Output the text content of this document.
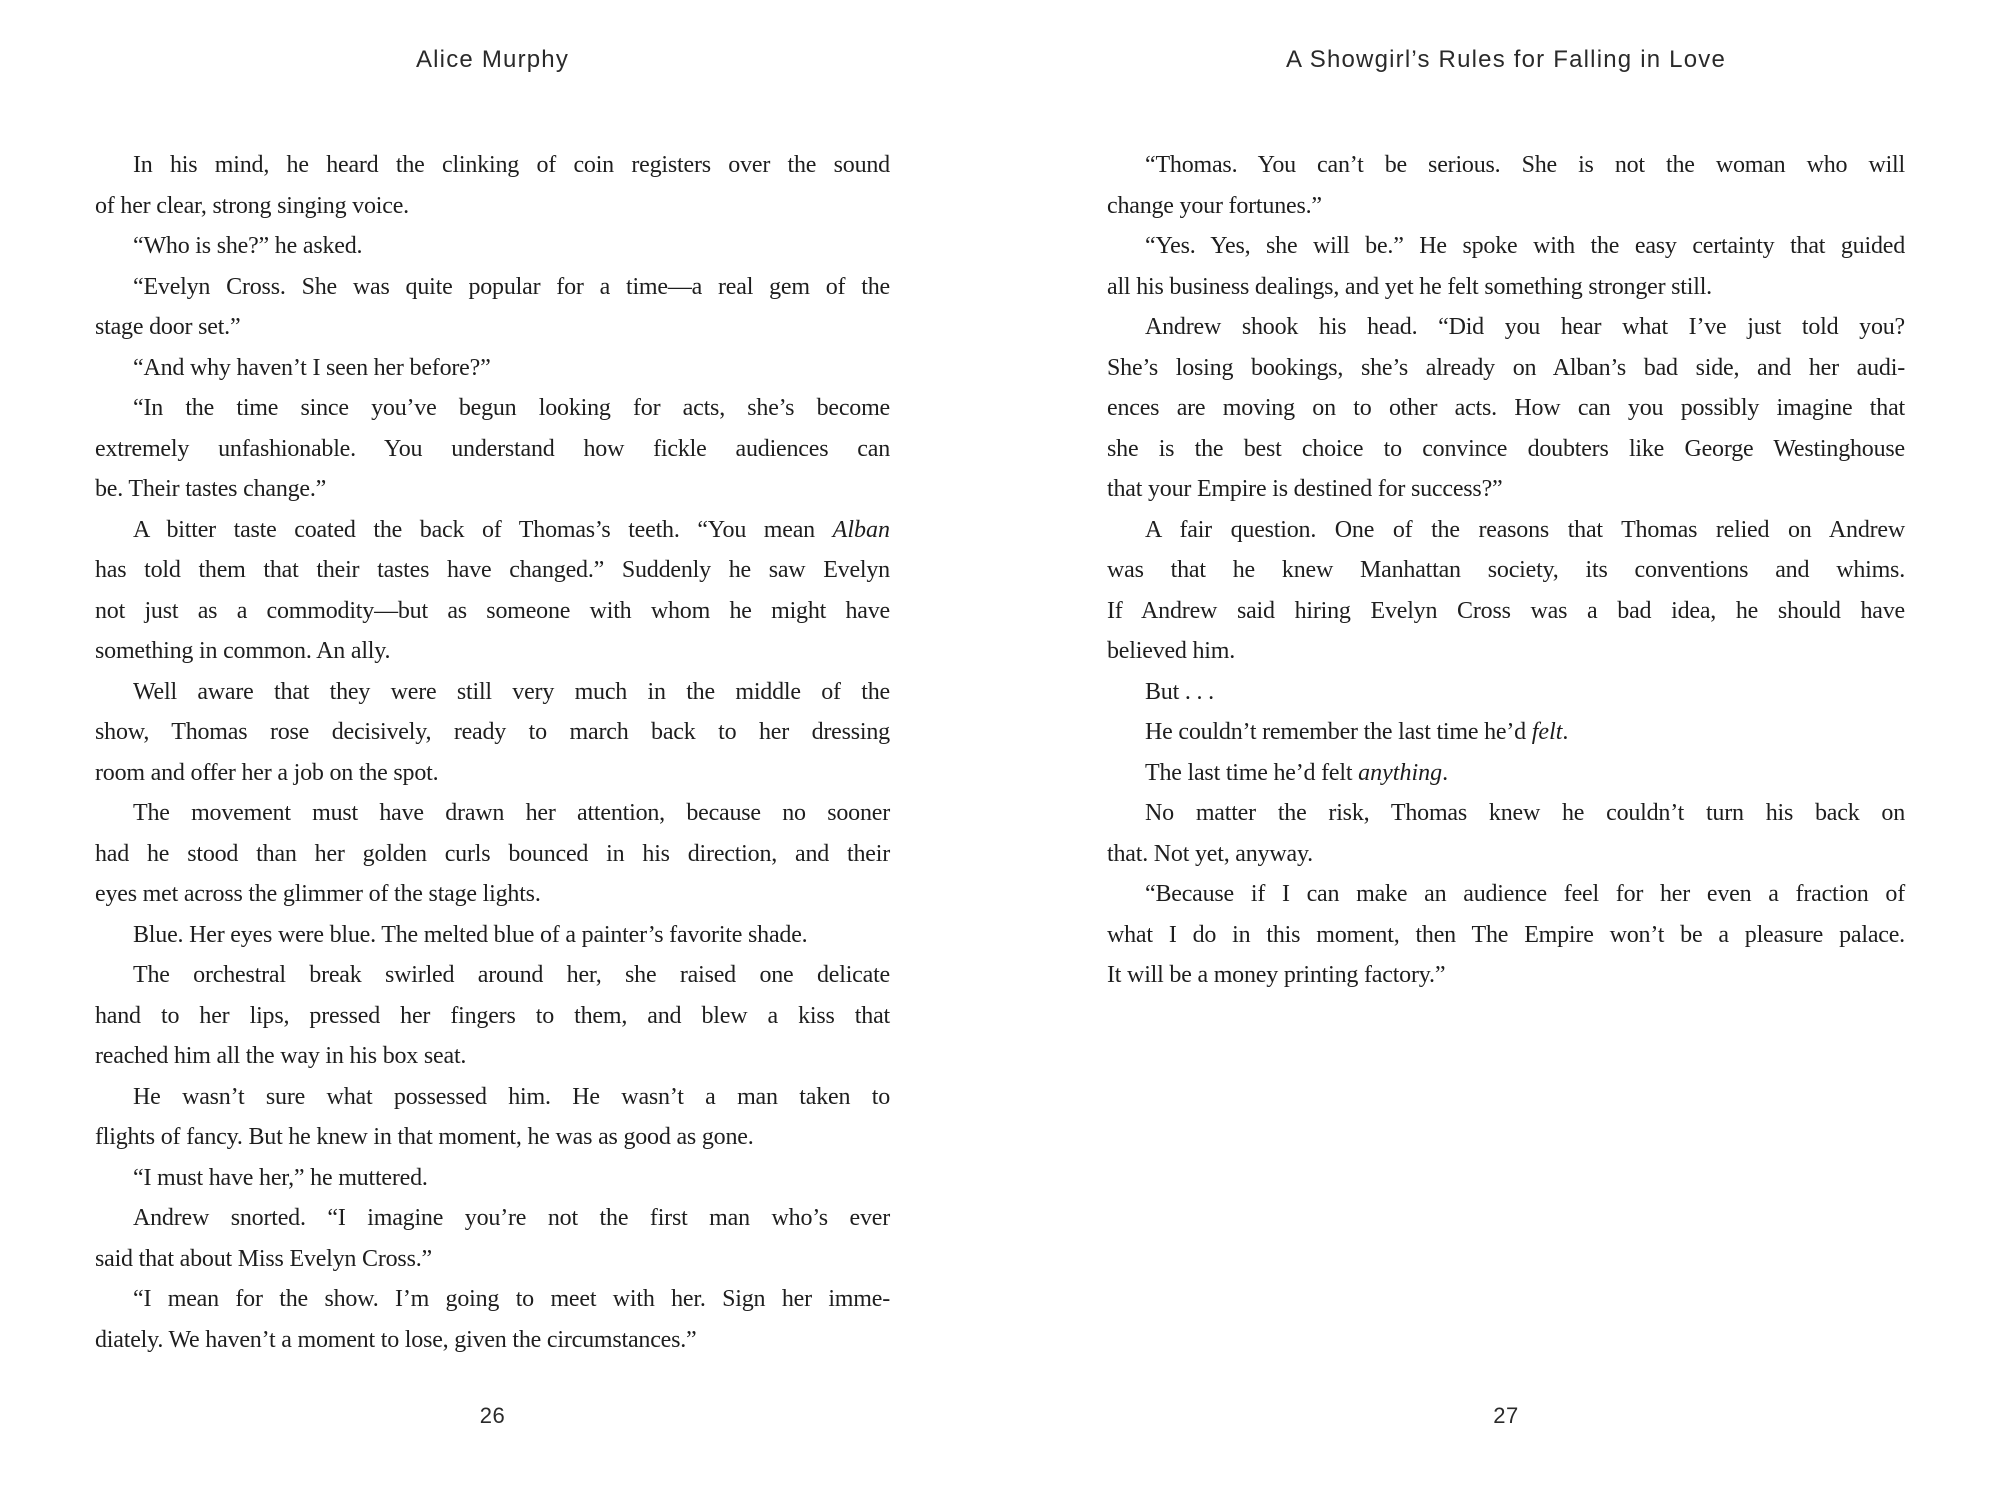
Alice Murphy
In his mind, he heard the clinking of coin registers over the sound
of her clear, strong singing voice.
“Who is she?” he asked.
“Evelyn Cross. She was quite popular for a time—a real gem of the
stage door set.”
“And why haven’t I seen her before?”
“In the time since you’ve begun looking for acts, she’s become
extremely unfashionable. You understand how fickle audiences can
be. Their tastes change.”
A bitter taste coated the back of Thomas’s teeth. “You mean Alban
has told them that their tastes have changed.” Suddenly he saw Evelyn
not just as a commodity—but as someone with whom he might have
something in common. An ally.
Well aware that they were still very much in the middle of the
show, Thomas rose decisively, ready to march back to her dressing
room and offer her a job on the spot.
The movement must have drawn her attention, because no sooner
had he stood than her golden curls bounced in his direction, and their
eyes met across the glimmer of the stage lights.
Blue. Her eyes were blue. The melted blue of a painter’s favorite shade.
The orchestral break swirled around her, she raised one delicate
hand to her lips, pressed her fingers to them, and blew a kiss that
reached him all the way in his box seat.
He wasn’t sure what possessed him. He wasn’t a man taken to
flights of fancy. But he knew in that moment, he was as good as gone.
“I must have her,” he muttered.
Andrew snorted. “I imagine you’re not the first man who’s ever
said that about Miss Evelyn Cross.”
“I mean for the show. I’m going to meet with her. Sign her imme-
diately. We haven’t a moment to lose, given the circumstances.”
26
A Showgirl’s Rules for Falling in Love
“Thomas. You can’t be serious. She is not the woman who will
change your fortunes.”
“Yes. Yes, she will be.” He spoke with the easy certainty that guided
all his business dealings, and yet he felt something stronger still.
Andrew shook his head. “Did you hear what I’ve just told you?
She’s losing bookings, she’s already on Alban’s bad side, and her audi-
ences are moving on to other acts. How can you possibly imagine that
she is the best choice to convince doubters like George Westinghouse
that your Empire is destined for success?”
A fair question. One of the reasons that Thomas relied on Andrew
was that he knew Manhattan society, its conventions and whims.
If Andrew said hiring Evelyn Cross was a bad idea, he should have
believed him.
But . . .
He couldn’t remember the last time he’d felt.
The last time he’d felt anything.
No matter the risk, Thomas knew he couldn’t turn his back on
that. Not yet, anyway.
“Because if I can make an audience feel for her even a fraction of
what I do in this moment, then The Empire won’t be a pleasure palace.
It will be a money printing factory.”
27
